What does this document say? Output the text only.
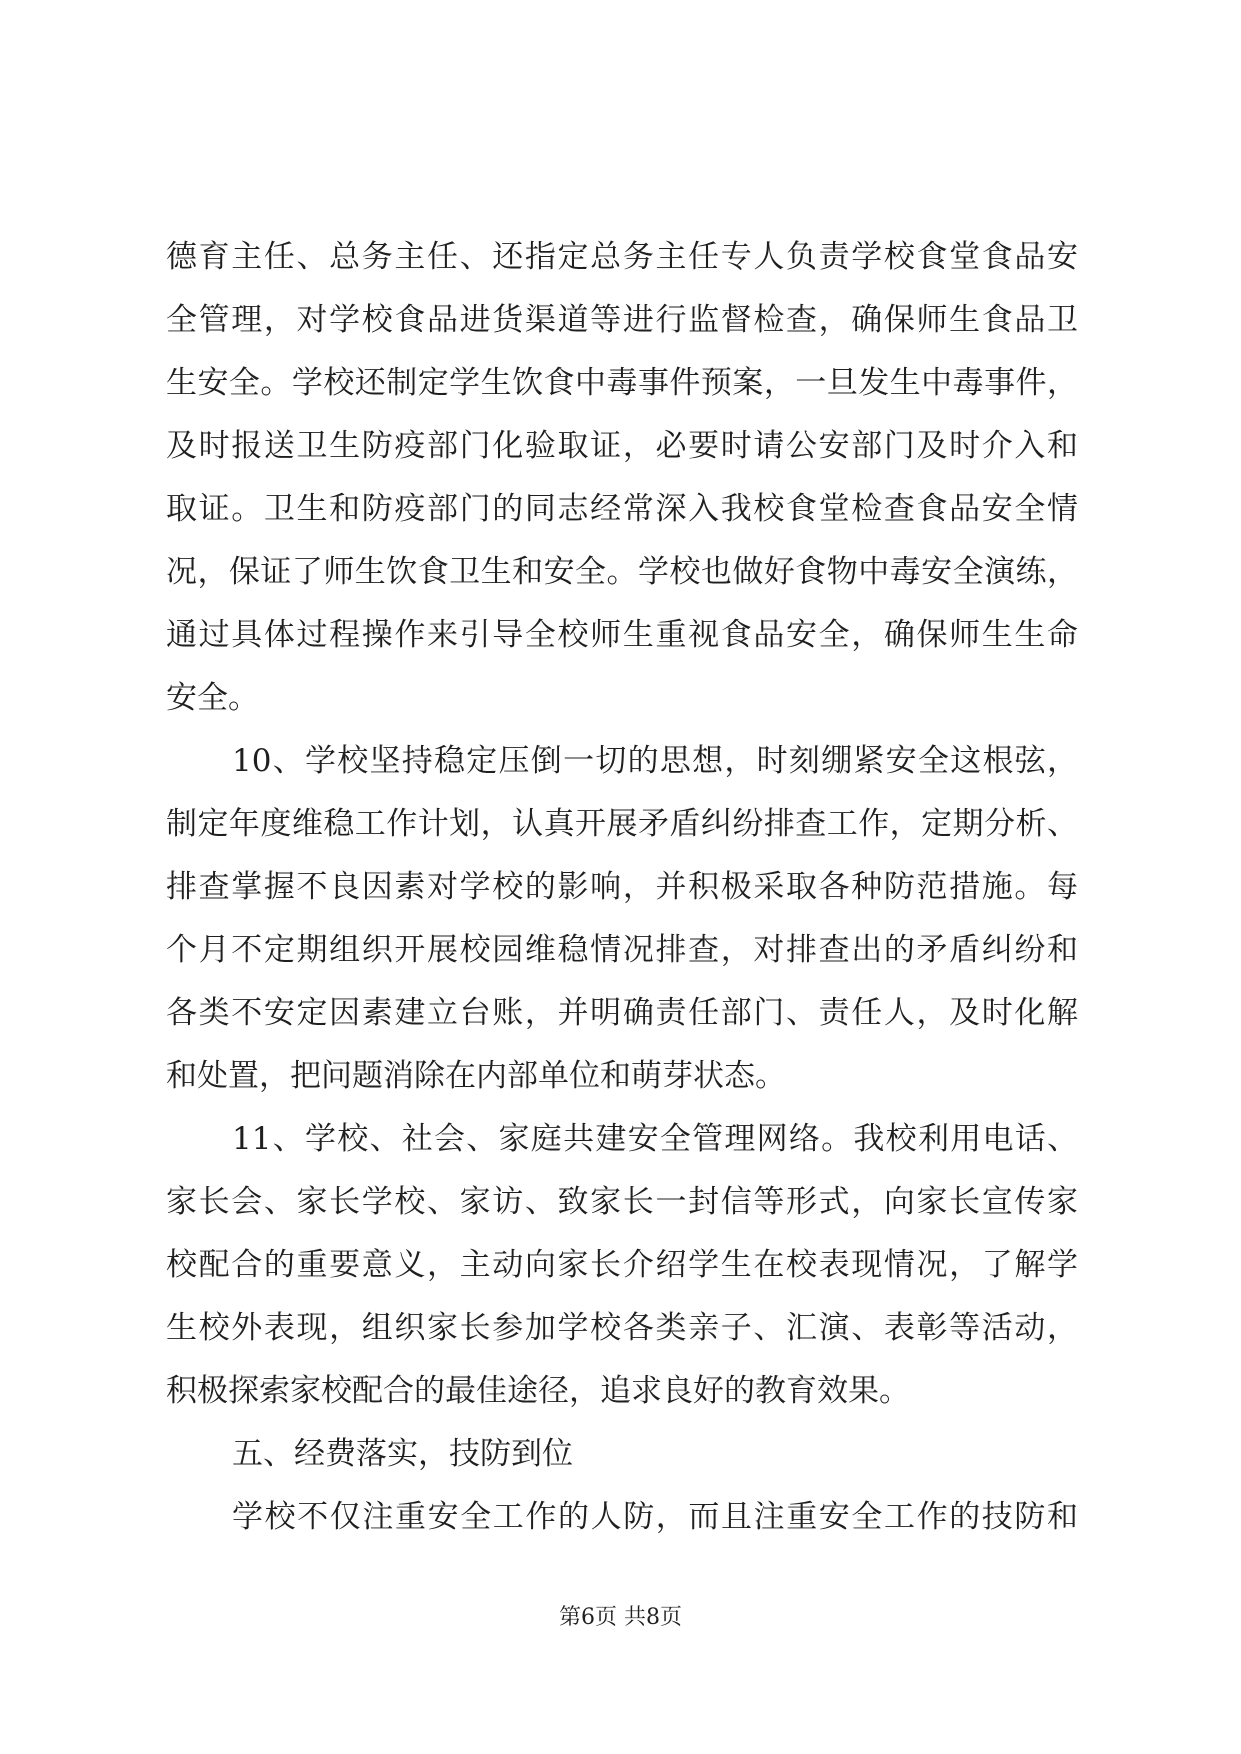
德育主任、总务主任、还指定总务主任专人负责学校食堂食品安
全管理，对学校食品进货渠道等进行监督检查，确保师生食品卫
生安全。学校还制定学生饮食中毒事件预案，一旦发生中毒事件，
及时报送卫生防疫部门化验取证，必要时请公安部门及时介入和
取证。卫生和防疫部门的同志经常深入我校食堂检查食品安全情
况，保证了师生饮食卫生和安全。学校也做好食物中毒安全演练，
通过具体过程操作来引导全校师生重视食品安全，确保师生生命
安全。
10、学校坚持稳定压倒一切的思想，时刻绷紧安全这根弦，
制定年度维稳工作计划，认真开展矛盾纠纷排查工作，定期分析、
排查掌握不良因素对学校的影响，并积极采取各种防范措施。每
个月不定期组织开展校园维稳情况排查，对排查出的矛盾纠纷和
各类不安定因素建立台账，并明确责任部门、责任人，及时化解
和处置，把问题消除在内部单位和萌芽状态。
11、学校、社会、家庭共建安全管理网络。我校利用电话、
家长会、家长学校、家访、致家长一封信等形式，向家长宣传家
校配合的重要意义，主动向家长介绍学生在校表现情况，了解学
生校外表现，组织家长参加学校各类亲子、汇演、表彰等活动，
积极探索家校配合的最佳途径，追求良好的教育效果。
五、经费落实，技防到位
学校不仅注重安全工作的人防，而且注重安全工作的技防和
第6页 共8页
